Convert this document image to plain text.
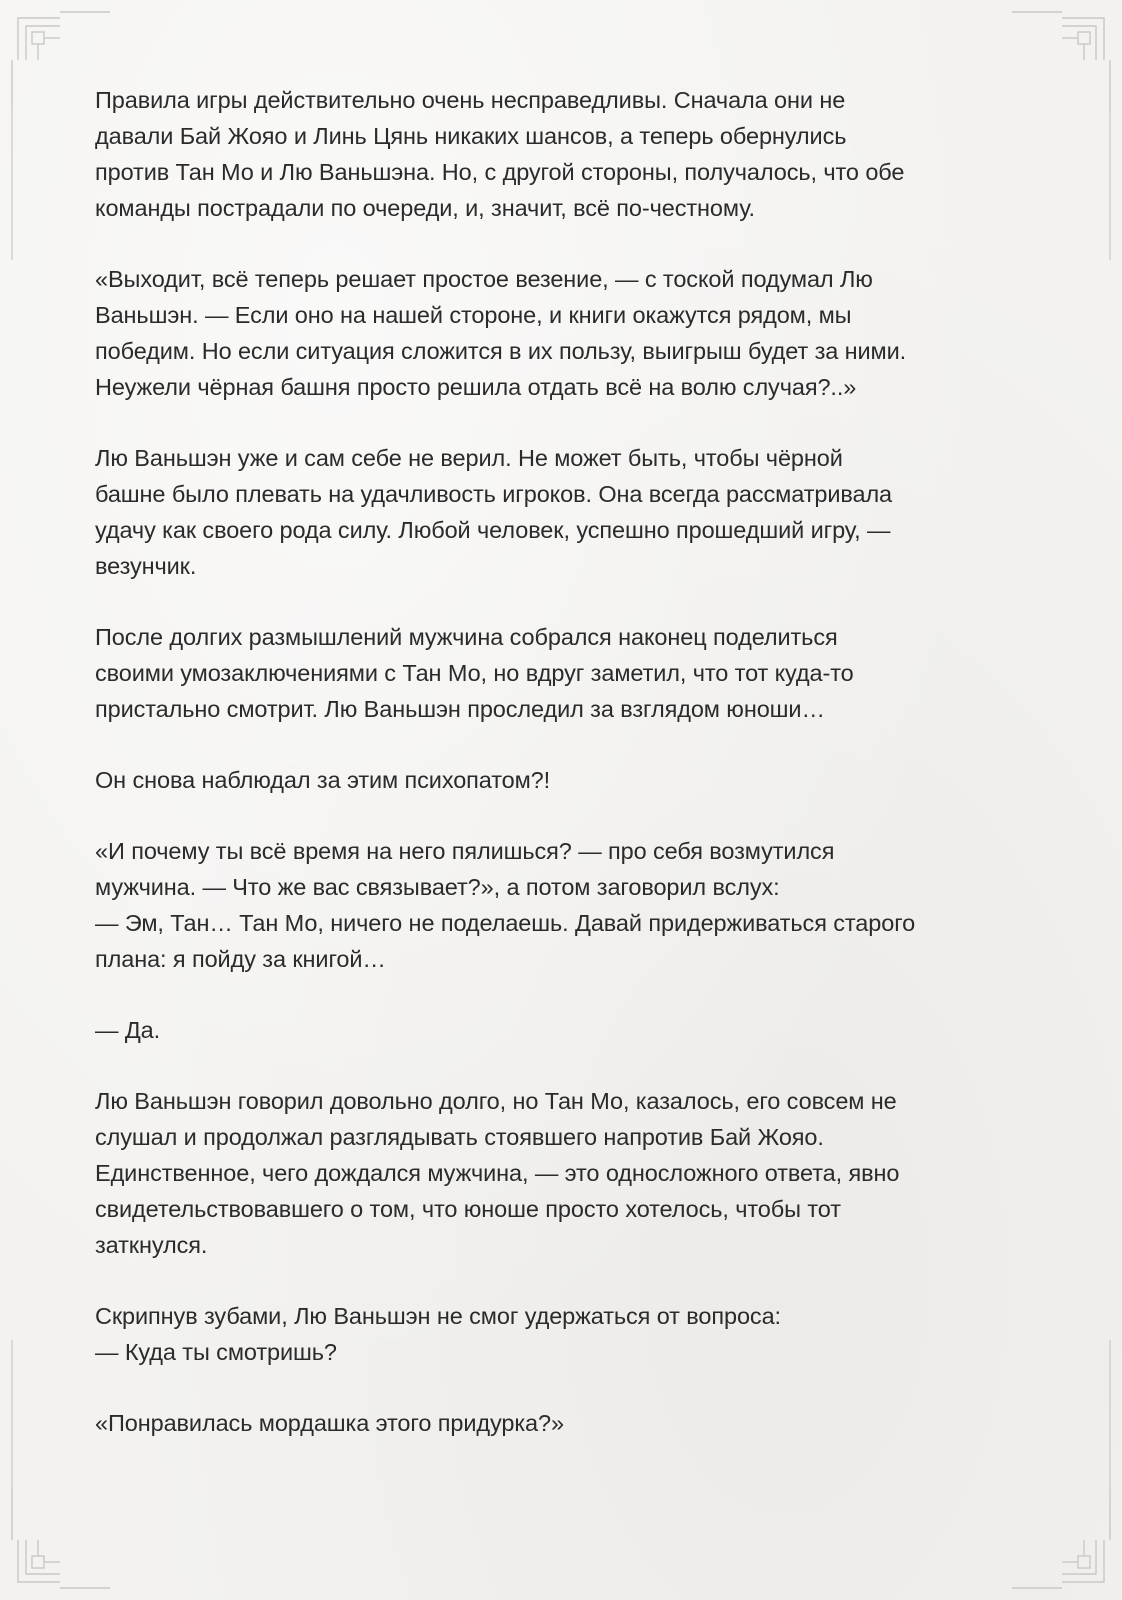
Правила игры действительно очень несправедливы. Сначала они не
давали Бай Жояо и Линь Цянь никаких шансов, а теперь обернулись
против Тан Мо и Лю Ваньшэна. Но, с другой стороны, получалось, что обе
команды пострадали по очереди, и, значит, всё по-честному.

«Выходит, всё теперь решает простое везение, — с тоской подумал Лю
Ваньшэн. — Если оно на нашей стороне, и книги окажутся рядом, мы
победим. Но если ситуация сложится в их пользу, выигрыш будет за ними.
Неужели чёрная башня просто решила отдать всё на волю случая?..»

Лю Ваньшэн уже и сам себе не верил. Не может быть, чтобы чёрной
башне было плевать на удачливость игроков. Она всегда рассматривала
удачу как своего рода силу. Любой человек, успешно прошедший игру, —
везунчик.

После долгих размышлений мужчина собрался наконец поделиться
своими умозаключениями с Тан Мо, но вдруг заметил, что тот куда-то
пристально смотрит. Лю Ваньшэн проследил за взглядом юноши…

Он снова наблюдал за этим психопатом?!

«И почему ты всё время на него пялишься? — про себя возмутился
мужчина. — Что же вас связывает?», а потом заговорил вслух:
— Эм, Тан… Тан Мо, ничего не поделаешь. Давай придерживаться старого
плана: я пойду за книгой…

— Да.

Лю Ваньшэн говорил довольно долго, но Тан Мо, казалось, его совсем не
слушал и продолжал разглядывать стоявшего напротив Бай Жояо.
Единственное, чего дождался мужчина, — это односложного ответа, явно
свидетельствовавшего о том, что юноше просто хотелось, чтобы тот
заткнулся.

Скрипнув зубами, Лю Ваньшэн не смог удержаться от вопроса:
— Куда ты смотришь?

«Понравилась мордашка этого придурка?»
